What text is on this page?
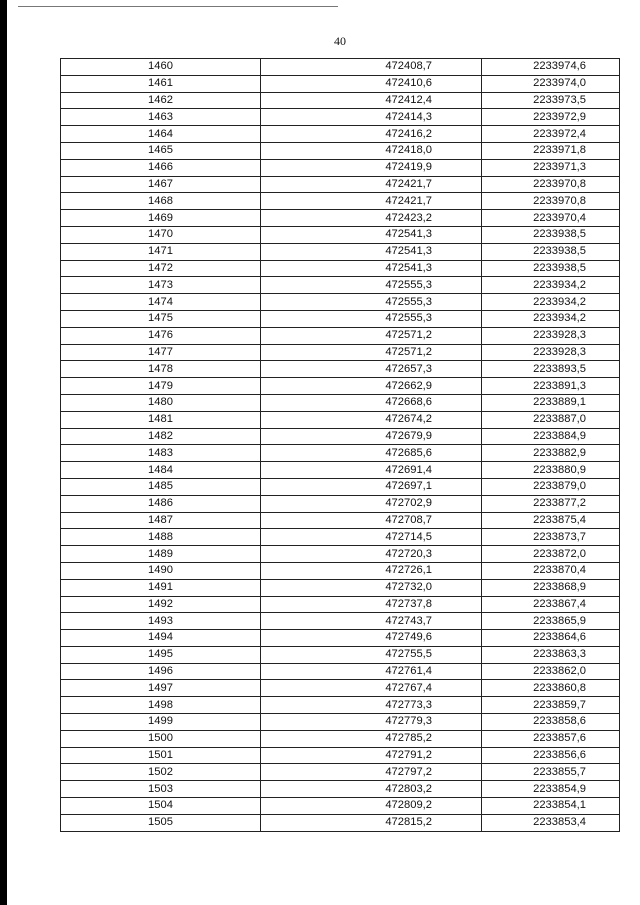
40
1460	472408,7	2233974,6
1461	472410,6	2233974,0
1462	472412,4	2233973,5
1463	472414,3	2233972,9
1464	472416,2	2233972,4
1465	472418,0	2233971,8
1466	472419,9	2233971,3
1467	472421,7	2233970,8
1468	472421,7	2233970,8
1469	472423,2	2233970,4
1470	472541,3	2233938,5
1471	472541,3	2233938,5
1472	472541,3	2233938,5
1473	472555,3	2233934,2
1474	472555,3	2233934,2
1475	472555,3	2233934,2
1476	472571,2	2233928,3
1477	472571,2	2233928,3
1478	472657,3	2233893,5
1479	472662,9	2233891,3
1480	472668,6	2233889,1
1481	472674,2	2233887,0
1482	472679,9	2233884,9
1483	472685,6	2233882,9
1484	472691,4	2233880,9
1485	472697,1	2233879,0
1486	472702,9	2233877,2
1487	472708,7	2233875,4
1488	472714,5	2233873,7
1489	472720,3	2233872,0
1490	472726,1	2233870,4
1491	472732,0	2233868,9
1492	472737,8	2233867,4
1493	472743,7	2233865,9
1494	472749,6	2233864,6
1495	472755,5	2233863,3
1496	472761,4	2233862,0
1497	472767,4	2233860,8
1498	472773,3	2233859,7
1499	472779,3	2233858,6
1500	472785,2	2233857,6
1501	472791,2	2233856,6
1502	472797,2	2233855,7
1503	472803,2	2233854,9
1504	472809,2	2233854,1
1505	472815,2	2233853,4
